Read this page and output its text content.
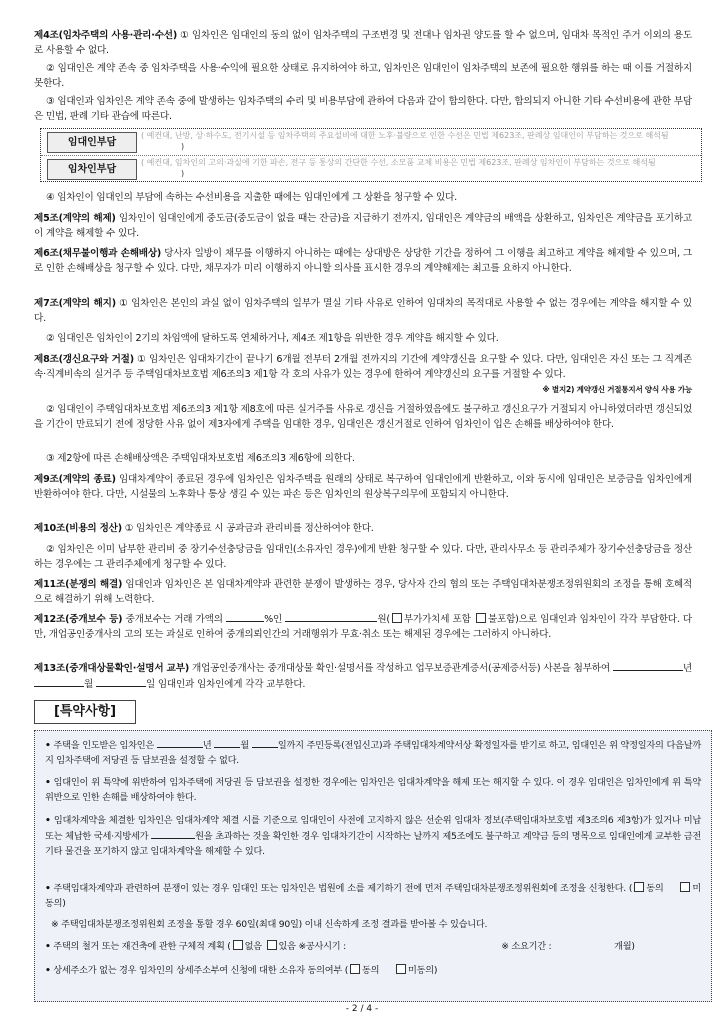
제4조(임차주택의 사용·관리·수선) ① 임차인은 임대인의 동의 없이 임차주택의 구조변경 및 전대나 임차권 양도를 할 수 없으며, 임대차 목적인 주거 이외의 용도로 사용할 수 없다.

② 임대인은 계약 존속 중 임차주택을 사용·수익에 필요한 상태로 유지하여야 하고, 임차인은 임대인이 임차주택의 보존에 필요한 행위를 하는 때 이를 거절하지 못한다.

③ 임대인과 임차인은 계약 존속 중에 발생하는 임차주택의 수리 및 비용부담에 관하여 다음과 같이 합의한다. 다만, 합의되지 아니한 기타 수선비용에 관한 부담은 민법, 판례 기타 관습에 따른다.

임대인부담
( 예컨대, 난방, 상·하수도, 전기시설 등 임차주택의 주요설비에 대한 노후·불량으로 인한 수선은 민법 제623조, 판례상 임대인이 부담하는 것으로 해석됨 )
임차인부담
( 예컨대, 임차인의 고의·과실에 기한 파손, 전구 등 통상의 간단한 수선, 소모품 교체 비용은 민법 제623조, 판례상 임차인이 부담하는 것으로 해석됨 )

④ 임차인이 임대인의 부담에 속하는 수선비용을 지출한 때에는 임대인에게 그 상환을 청구할 수 있다.

제5조(계약의 해제) 임차인이 임대인에게 중도금(중도금이 없을 때는 잔금)을 지급하기 전까지, 임대인은 계약금의 배액을 상환하고, 임차인은 계약금을 포기하고 이 계약을 해제할 수 있다.

제6조(채무불이행과 손해배상) 당사자 일방이 채무를 이행하지 아니하는 때에는 상대방은 상당한 기간을 정하여 그 이행을 최고하고 계약을 해제할 수 있으며, 그로 인한 손해배상을 청구할 수 있다. 다만, 채무자가 미리 이행하지 아니할 의사를 표시한 경우의 계약해제는 최고를 요하지 아니한다.

제7조(계약의 해지) ① 임차인은 본인의 과실 없이 임차주택의 일부가 멸실 기타 사유로 인하여 임대차의 목적대로 사용할 수 없는 경우에는 계약을 해지할 수 있다.

② 임대인은 임차인이 2기의 차임액에 달하도록 연체하거나, 제4조 제1항을 위반한 경우 계약을 해지할 수 있다.

제8조(갱신요구와 거절) ① 임차인은 임대차기간이 끝나기 6개월 전부터 2개월 전까지의 기간에 계약갱신을 요구할 수 있다. 다만, 임대인은 자신 또는 그 직계존속·직계비속의 실거주 등 주택임대차보호법 제6조의3 제1항 각 호의 사유가 있는 경우에 한하여 계약갱신의 요구를 거절할 수 있다.
※ 별지2) 계약갱신 거절통지서 양식 사용 가능

② 임대인이 주택임대차보호법 제6조의3 제1항 제8호에 따른 실거주를 사유로 갱신을 거절하였음에도 불구하고 갱신요구가 거절되지 아니하였더라면 갱신되었을 기간이 만료되기 전에 정당한 사유 없이 제3자에게 주택을 임대한 경우, 임대인은 갱신거절로 인하여 임차인이 입은 손해를 배상하여야 한다.

③ 제2항에 따른 손해배상액은 주택임대차보호법 제6조의3 제6항에 의한다.

제9조(계약의 종료) 임대차계약이 종료된 경우에 임차인은 임차주택을 원래의 상태로 복구하여 임대인에게 반환하고, 이와 동시에 임대인은 보증금을 임차인에게 반환하여야 한다. 다만, 시설물의 노후화나 통상 생길 수 있는 파손 등은 임차인의 원상복구의무에 포함되지 아니한다.

제10조(비용의 정산) ① 임차인은 계약종료 시 공과금과 관리비를 정산하여야 한다.

② 임차인은 이미 납부한 관리비 중 장기수선충당금을 임대인(소유자인 경우)에게 반환 청구할 수 있다. 다만, 관리사무소 등 관리주체가 장기수선충당금을 정산하는 경우에는 그 관리주체에게 청구할 수 있다.

제11조(분쟁의 해결) 임대인과 임차인은 본 임대차계약과 관련한 분쟁이 발생하는 경우, 당사자 간의 협의 또는 주택임대차분쟁조정위원회의 조정을 통해 호혜적으로 해결하기 위해 노력한다.

제12조(중개보수 등) 중개보수는 거래 가액의	%인	원( 부가가치세 포함 불포함)으로 임대인과 임차인이 각각 부담한다. 다만, 개업공인중개사의 고의 또는 과실로 인하여 중개의뢰인간의 거래행위가 무효·취소 또는 해제된 경우에는 그러하지 아니하다.

제13조(중개대상물확인·설명서 교부) 개업공인중개사는 중개대상물 확인·설명서를 작성하고 업무보증관계증서(공제증서등) 사본을 첨부하여	년 월	일 임대인과 임차인에게 각각 교부한다.

[특약사항]

• 주택을 인도받은 임차인은	년	월	일까지 주민등록(전입신고)과 주택임대차계약서상 확정일자를 받기로 하고, 임대인은 위 약정일자의 다음날까지 임차주택에 저당권 등 담보권을 설정할 수 없다.

• 임대인이 위 특약에 위반하여 임차주택에 저당권 등 담보권을 설정한 경우에는 임차인은 임대차계약을 해제 또는 해지할 수 있다. 이 경우 임대인은 임차인에게 위 특약 위반으로 인한 손해를 배상하여야 한다.

• 임대차계약을 체결한 임차인은 임대차계약 체결 시를 기준으로 임대인이 사전에 고지하지 않은 선순위 임대차 정보(주택임대차보호법 제3조의6 제3항)가 있거나 미납 또는 체납한 국세·지방세가	원을 초과하는 것을 확인한 경우 임대차기간이 시작하는 날까지 제5조에도 불구하고 계약금 등의 명목으로 임대인에게 교부한 금전 기타 물건을 포기하지 않고 임대차계약을 해제할 수 있다.

• 주택임대차계약과 관련하여 분쟁이 있는 경우 임대인 또는 임차인은 법원에 소를 제기하기 전에 먼저 주택임대차분쟁조정위원회에 조정을 신청한다. ( 동의	미동의)

※ 주택임대차분쟁조정위원회 조정을 통할 경우 60일(최대 90일) 이내 신속하게 조정 결과를 받아볼 수 있습니다.

• 주택의 철거 또는 재건축에 관한 구체적 계획 ( 없음 있음 ※공사시기 :	※ 소요기간 :	개월)

• 상세주소가 없는 경우 임차인의 상세주소부여 신청에 대한 소유자 동의여부 ( 동의	미동의)

- 2 / 4 -
